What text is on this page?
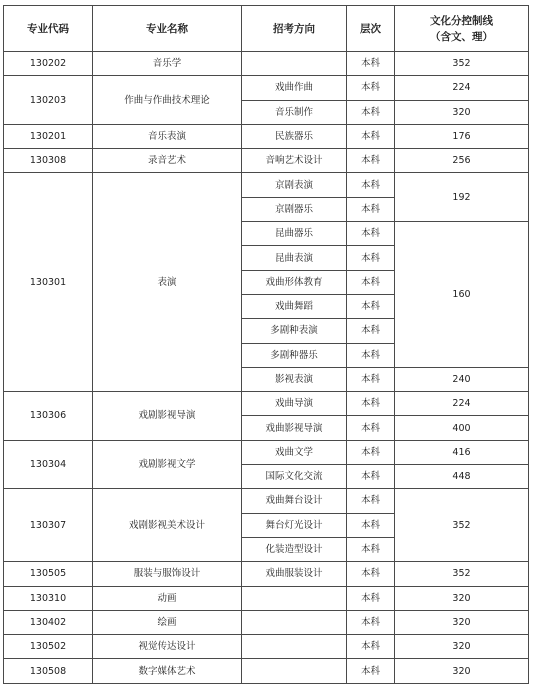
专业代码	专业名称	招考方向	层次	文化分控制线
（含文、理）
130202	音乐学		本科	352
130203	作曲与作曲技术理论	戏曲作曲	本科	224
		音乐制作	本科	320
130201	音乐表演	民族器乐	本科	176
130308	录音艺术	音响艺术设计	本科	256
130301	表演	京剧表演	本科	192
		京剧器乐	本科	
		昆曲器乐	本科	160
		昆曲表演	本科	
		戏曲形体教育	本科	
		戏曲舞蹈	本科	
		多剧种表演	本科	
		多剧种器乐	本科	
		影视表演	本科	240
130306	戏剧影视导演	戏曲导演	本科	224
		戏曲影视导演	本科	400
130304	戏剧影视文学	戏曲文学	本科	416
		国际文化交流	本科	448
130307	戏剧影视美术设计	戏曲舞台设计	本科	352
		舞台灯光设计	本科	
		化装造型设计	本科	
130505	服装与服饰设计	戏曲服装设计	本科	352
130310	动画		本科	320
130402	绘画		本科	320
130502	视觉传达设计		本科	320
130508	数字媒体艺术		本科	320
